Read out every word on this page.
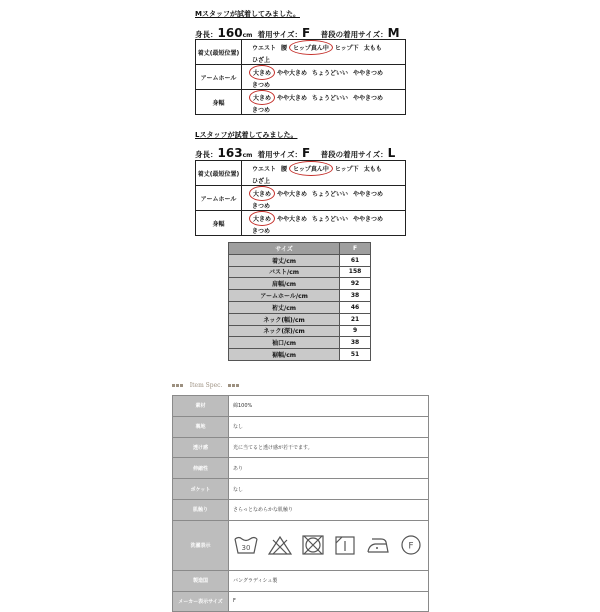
Mスタッフが試着してみました。
身長：160cm 着用サイズ：F 普段の着用サイズ：M
着丈(最短位置)	ウエスト 腰 ヒップ真ん中 ヒップ下 太ももひざ上
アームホール	大きめ やや大きめ ちょうどいい ややきつめきつめ
身幅	大きめ やや大きめ ちょうどいい ややきつめきつめ
Lスタッフが試着してみました。
身長：163cm 着用サイズ：F 普段の着用サイズ：L
着丈(最短位置)	ウエスト 腰 ヒップ真ん中 ヒップ下 太ももひざ上
アームホール	大きめ やや大きめ ちょうどいい ややきつめきつめ
身幅	大きめ やや大きめ ちょうどいい ややきつめきつめ
サイズ	F
着丈/cm	61
バスト/cm	158
肩幅/cm	92
アームホール/cm	38
裄丈/cm	46
ネック(幅)/cm	21
ネック(深)/cm	9
袖口/cm	38
裾幅/cm	51
Item Spec.
素材	綿100%
裏地	なし
透け感	光に当てると透け感が若干でます。
伸縮性	あり
ポケット	なし
肌触り	さらっとなめらかな肌触り
洗濯表示	30 F

製造国	バングラディシュ製
メーカー表示サイズ	F
